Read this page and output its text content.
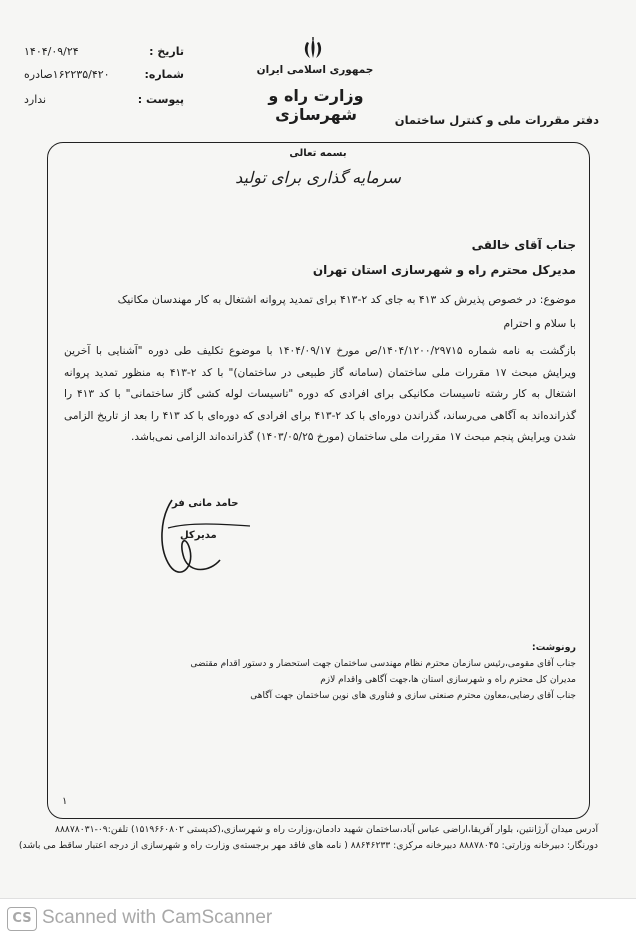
جمهوری اسلامی ایران
وزارت راه و شهرسازی	دفتر مقررات ملی و کنترل ساختمان
تاریخ :
۱۴۰۴/۰۹/۲۴
شماره:
۱۶۲۲۳۵/۴۲۰صادره
پیوست :
ندارد
بسمه تعالی
سرمایه گذاری برای تولید
جناب آقای خالقی
مدیرکل محترم راه و شهرسازی استان تهران
موضوع: در خصوص پذیرش کد ۴۱۳ به جای کد ۲-۴۱۳ برای تمدید پروانه اشتغال به کار مهندسان مکانیک
با سلام و احترام
بازگشت به نامه شماره ۱۴۰۴/۱۲۰۰/۲۹۷۱۵/ص مورخ ۱۴۰۴/۰۹/۱۷ با موضوع تکلیف طی دوره "آشنایی با آخرین ویرایش مبحث ۱۷ مقررات ملی ساختمان (سامانه گاز طبیعی در ساختمان)" با کد ۲-۴۱۳ به منظور تمدید پروانه اشتغال به کار رشته تاسیسات مکانیکی برای افرادی که دوره "تاسیسات لوله کشی گاز ساختمانی" با کد ۴۱۳ را گذرانده‌اند به آگاهی می‌رساند، گذراندن دوره‌ای با کد ۲-۴۱۳ برای افرادی که دوره‌ای با کد ۴۱۳ را بعد از تاریخ الزامی شدن ویرایش پنجم مبحث ۱۷ مقررات ملی ساختمان (مورخ ۱۴۰۳/۰۵/۲۵) گذرانده‌اند الزامی نمی‌باشد.
حامد مانی فر
مدیرکل
رونوشت:
جناب آقای مقومی،رئیس سازمان محترم نظام مهندسی ساختمان جهت استحضار و دستور اقدام مقتضی
مدیران کل محترم راه و شهرسازی استان ها،جهت آگاهی واقدام لازم
جناب آقای رضایی،معاون محترم صنعتی سازی و فناوری های نوین ساختمان جهت آگاهی
۱
آدرس میدان آرژانتین، بلوار آفریقا،اراضی عباس آباد،ساختمان شهید دادمان،وزارت راه و شهرسازی،(کدپستی ۱۵۱۹۶۶۰۸۰۲) تلفن:۰۹-۸۸۸۷۸۰۳۱
دورنگار: دبیرخانه وزارتی: ۸۸۸۷۸۰۴۵ دبیرخانه مرکزی: ۸۸۶۴۶۲۳۳ ( نامه های فاقد مهر برجسته‌ی وزارت راه و شهرسازی از درجه اعتبار ساقط می باشد)
CS Scanned with CamScanner
